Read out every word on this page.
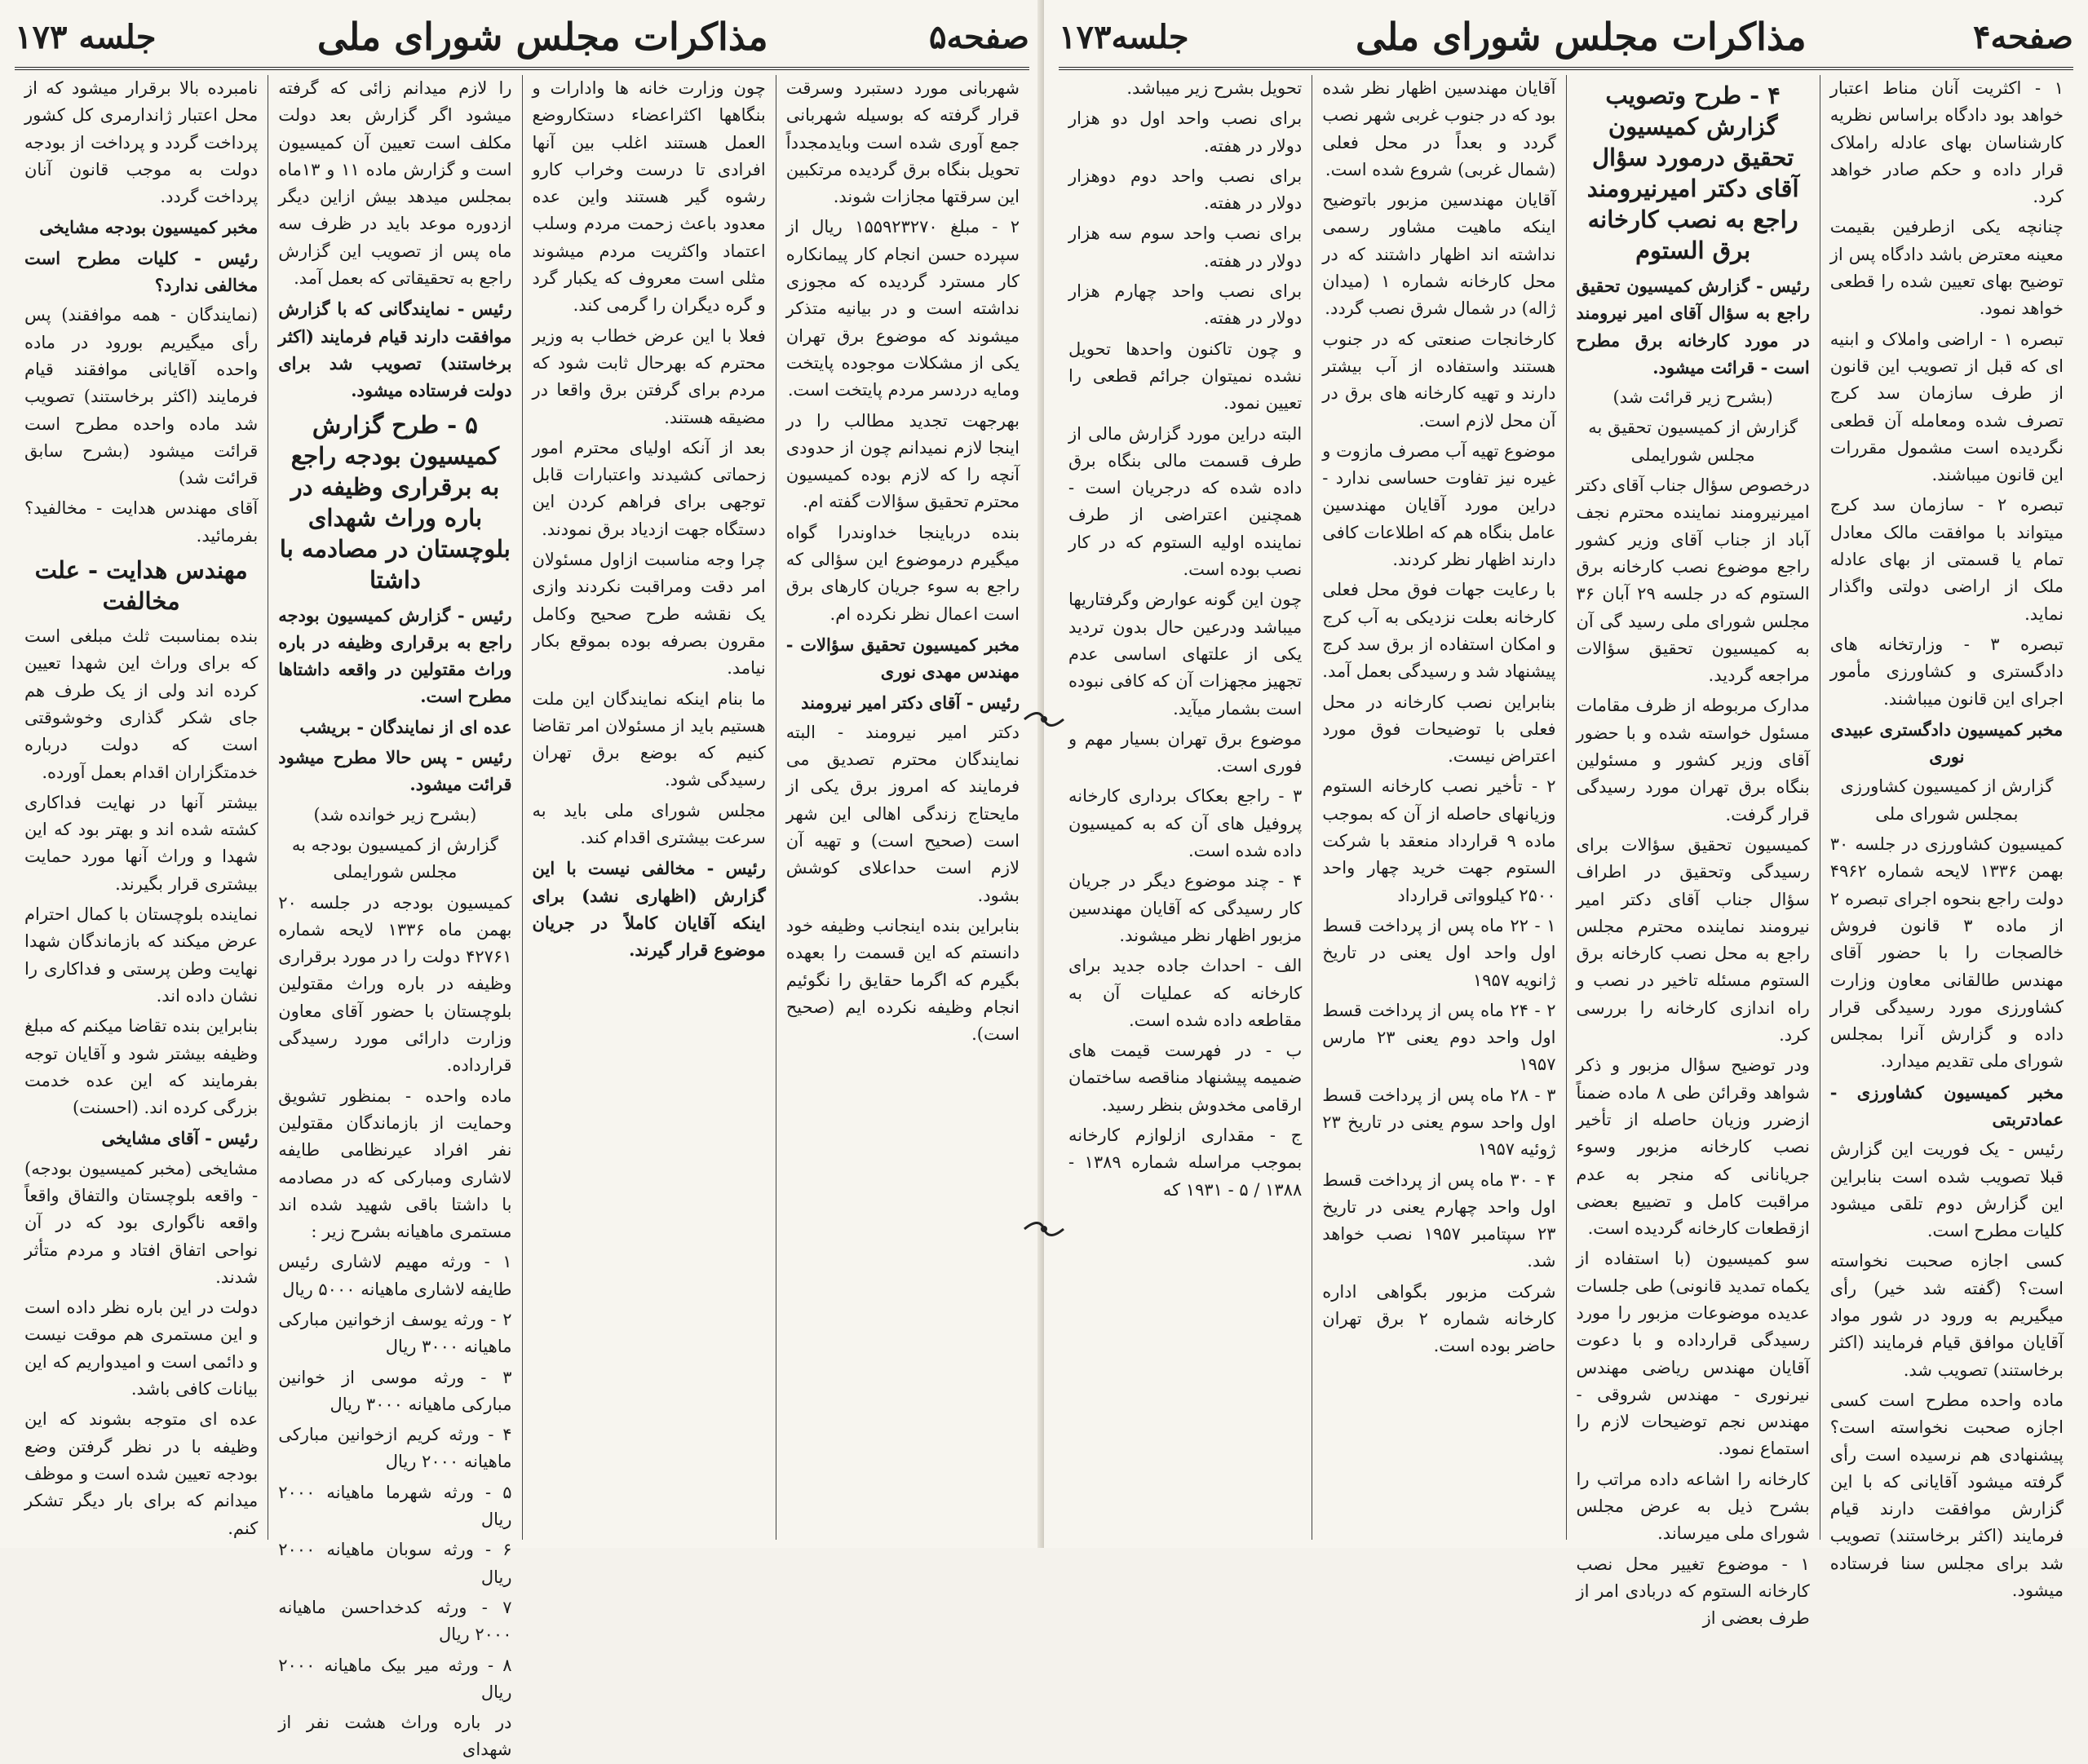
صفحه۵
مذاکرات مجلس شورای ملی
جلسه ۱۷۳

شهربانی مورد دستبرد وسرقت قرار گرفته که بوسیله شهربانی جمع آوری شده است وبایدمجدداً تحویل بنگاه برق گردیده مرتکبین این سرقتها مجازات شوند.

۲ - مبلغ ۱۵۵۹۲۳۲۷۰ ریال از سپرده حسن انجام کار پیمانکاره کار مسترد گردیده که مجوزی نداشته است و در بیانیه متذکر میشوند که موضوع برق تهران یکی از مشکلات موجوده پایتخت ومایه دردسر مردم پایتخت است.

بهرجهت تجدید مطالب را در اینجا لازم نمیدانم چون از حدودی آنچه را که لازم بوده کمیسیون محترم تحقیق سؤالات گفته ام.

بنده درباینجا خداوندرا گواه میگیرم درموضوع این سؤالی که راجع به سوء جریان کارهای برق است اعمال نظر نکرده ام.

مخبر کمیسیون تحقیق سؤالات - مهندس مهدی نوری

رئیس - آقای دکتر امیر نیرومند

دکتر امیر نیرومند - البته نمایندگان محترم تصدیق می فرمایند که امروز برق یکی از مایحتاج زندگی اهالی این شهر است (صحیح است) و تهیه آن لازم است حداعلای کوشش بشود.

بنابراین بنده اینجانب وظیفه خود دانستم که این قسمت را بعهده بگیرم که اگرما حقایق را نگوئیم انجام وظیفه نکرده ایم (صحیح است).

چون وزارت خانه ها وادارات و بنگاهها اکثراعضاء دستکاروضع العمل هستند اغلب بین آنها افرادی تا درست وخراب کارو رشوه گیر هستند واین عده معدود باعث زحمت مردم وسلب اعتماد واکثریت مردم میشوند مثلی است معروف که یکبار گرد و گره دیگران را گرمی کند.

فعلا با این عرض خطاب به وزیر محترم که بهرحال ثابت شود که مردم برای گرفتن برق واقعا در مضیقه هستند.

بعد از آنکه اولیای محترم امور زحماتی کشیدند واعتبارات قابل توجهی برای فراهم کردن این دستگاه جهت ازدیاد برق نمودند.

چرا وجه مناسبت ازاول مسئولان امر دقت ومراقبت نکردند وازی یک نقشه طرح صحیح وکامل مقرون بصرفه بوده بموقع بکار نیامد.

ما بنام اینکه نمایندگان این ملت هستیم باید از مسئولان امر تقاضا کنیم که بوضع برق تهران رسیدگی شود.

مجلس شورای ملی باید به سرعت بیشتری اقدام کند.

رئیس - مخالفی نیست با این گزارش (اظهاری نشد) برای اینکه آقایان کاملاً در جریان موضوع قرار گیرند.

را لازم میدانم زائی که گرفته میشود اگر گزارش بعد دولت مکلف است تعیین آن کمیسیون است و گزارش ماده ۱۱ و ۱۳ماه بمجلس میدهد بیش ازاین دیگر ازدوره موعد باید در ظرف سه ماه پس از تصویب این گزارش راجع به تحقیقاتی که بعمل آمد.

رئیس - نمایندگانی که با گزارش موافقت دارند قیام فرمایند (اکثر برخاستند) تصویب شد برای دولت فرستاده میشود.

۵ - طرح گزارش کمیسیون بودجه راجع به برقراری وظیفه در باره وراث شهدای بلوچستان در مصادمه با داشتا

رئیس - گزارش کمیسیون بودجه راجع به برقراری وظیفه در باره وراث مقتولین در واقعه داشتاها مطرح است.

عده ای از نمایندگان - بریشب

رئیس - پس حالا مطرح میشود قرائت میشود.

(بشرح زیر خوانده شد)

گزارش از کمیسیون بودجه به مجلس شورایملی

کمیسیون بودجه در جلسه ۲۰ بهمن ماه ۱۳۳۶ لایحه شماره ۴۲۷۶۱ دولت را در مورد برقراری وظیفه در باره وراث مقتولین بلوچستان با حضور آقای معاون وزارت دارائی مورد رسیدگی قرارداده.

ماده واحده - بمنظور تشویق وحمایت از بازماندگان مقتولین نفر افراد عیرنظامی طایفه لاشاری ومبارکی که در مصادمه با داشتا باقی شهید شده اند مستمری ماهیانه بشرح زیر :

۱ - ورثه مهیم لاشاری رئیس طایفه لاشاری ماهیانه ۵۰۰۰ ریال

۲ - ورثه یوسف ازخوانین مبارکی ماهیانه ۳۰۰۰ ریال

۳ - ورثه موسی از خوانین مبارکی ماهیانه ۳۰۰۰ ریال

۴ - ورثه کریم ازخوانین مبارکی ماهیانه ۲۰۰۰ ریال

۵ - ورثه شهرما ماهیانه ۲۰۰۰ ریال

۶ - ورثه سوبان ماهیانه ۲۰۰۰ ریال

۷ - ورثه کدخداحسن ماهیانه ۲۰۰۰ ریال

۸ - ورثه میر بیک ماهیانه ۲۰۰۰ ریال

در باره وراث هشت نفر از شهدای

نامبرده بالا برقرار میشود که از محل اعتبار ژاندارمری کل کشور پرداخت گردد و پرداخت از بودجه دولت به موجب قانون آنان پرداخت گردد.

مخبر کمیسیون بودجه مشایخی

رئیس - کلیات مطرح است مخالفی ندارد؟

(نمایندگان - همه موافقند) پس رأی میگیریم بورود در ماده واحده آقایانی موافقند قیام فرمایند (اکثر برخاستند) تصویب شد ماده واحده مطرح است قرائت میشود (بشرح سابق قرائت شد)

آقای مهندس هدایت - مخالفید؟ بفرمائید.

مهندس هدایت - علت مخالفت

بنده بمناسبت ثلث مبلغی است که برای وراث این شهدا تعیین کرده اند ولی از یک طرف هم جای شکر گذاری وخوشوقتی است که دولت درباره خدمتگزاران اقدام بعمل آورده.

بیشتر آنها در نهایت فداکاری کشته شده اند و بهتر بود که این شهدا و وراث آنها مورد حمایت بیشتری قرار بگیرند.

نماینده بلوچستان با کمال احترام عرض میکند که بازماندگان شهدا نهایت وطن پرستی و فداکاری را نشان داده اند.

بنابراین بنده تقاضا میکنم که مبلغ وظیفه بیشتر شود و آقایان توجه بفرمایند که این عده خدمت بزرگی کرده اند. (احسنت)

رئیس - آقای مشایخی

مشایخی (مخبر کمیسیون بودجه) - واقعه بلوچستان والتفاق واقعاً واقعه ناگواری بود که در آن نواحی اتفاق افتاد و مردم متأثر شدند.

دولت در این باره نظر داده است و این مستمری هم موقت نیست و دائمی است و امیدواریم که این بیانات کافی باشد.

عده ای متوجه بشوند که این وظیفه با در نظر گرفتن وضع بودجه تعیین شده است و موظف میدانم که برای بار دیگر تشکر کنم.

صفحه۴
مذاکرات مجلس شورای ملی
جلسه۱۷۳

۱ - اکثریت آنان مناط اعتبار خواهد بود دادگاه براساس نظریه کارشناسان بهای عادله راملاک قرار داده و حکم صادر خواهد کرد.

چنانچه یکی ازطرفین بقیمت معینه معترض باشد دادگاه پس از توضیح بهای تعیین شده را قطعی خواهد نمود.

تبصره ۱ - اراضی واملاک و ابنیه ای که قبل از تصویب این قانون از طرف سازمان سد کرج تصرف شده ومعامله آن قطعی نگردیده است مشمول مقررات این قانون میباشند.

تبصره ۲ - سازمان سد کرج میتواند با موافقت مالک معادل تمام یا قسمتی از بهای عادله ملک از اراضی دولتی واگذار نماید.

تبصره ۳ - وزارتخانه های دادگستری و کشاورزی مأمور اجرای این قانون میباشند.

مخبر کمیسیون دادگستری عبیدی نوری

گزارش از کمیسیون کشاورزی بمجلس شورای ملی

کمیسیون کشاورزی در جلسه ۳۰ بهمن ۱۳۳۶ لایحه شماره ۴۹۶۲ دولت راجع بنحوه اجرای تبصره ۲ از ماده ۳ قانون فروش خالصجات را با حضور آقای مهندس طالقانی معاون وزارت کشاورزی مورد رسیدگی قرار داده و گزارش آنرا بمجلس شورای ملی تقدیم میدارد.

مخبر کمیسیون کشاورزی - عمادتربتی

رئیس - یک فوریت این گزارش قبلا تصویب شده است بنابراین این گزارش دوم تلقی میشود کلیات مطرح است.

کسی اجازه صحبت نخواسته است؟ (گفته شد خیر) رأی میگیریم به ورود در شور مواد آقایان موافق قیام فرمایند (اکثر برخاستند) تصویب شد.

ماده واحده مطرح است کسی اجازه صحبت نخواسته است؟ پیشنهادی هم نرسیده است رأی گرفته میشود آقایانی که با این گزارش موافقت دارند قیام فرمایند (اکثر برخاستند) تصویب شد برای مجلس سنا فرستاده میشود.

۴ - طرح وتصویب گزارش کمیسیون تحقیق درمورد سؤال آقای دکتر امیرنیرومند راجع به نصب کارخانه برق الستوم

رئیس - گزارش کمیسیون تحقیق راجع به سؤال آقای امیر نیرومند در مورد کارخانه برق مطرح است - قرائت میشود.

(بشرح زیر قرائت شد)

گزارش از کمیسیون تحقیق به مجلس شورایملی

درخصوص سؤال جناب آقای دکتر امیرنیرومند نماینده محترم نجف آباد از جناب آقای وزیر کشور راجع موضوع نصب کارخانه برق الستوم که در جلسه ۲۹ آبان ۳۶ مجلس شورای ملی رسید گی آن به کمیسیون تحقیق سؤالات مراجعه گردید.

مدارک مربوطه از ظرف مقامات مسئول خواسته شده و با حضور آقای وزیر کشور و مسئولین بنگاه برق تهران مورد رسیدگی قرار گرفت.

کمیسیون تحقیق سؤالات برای رسیدگی وتحقیق در اطراف سؤال جناب آقای دکتر امیر نیرومند نماینده محترم مجلس راجع به محل نصب کارخانه برق الستوم مسئله تاخیر در نصب و راه اندازی کارخانه را بررسی کرد.

ودر توضیح سؤال مزبور و ذکر شواهد وقرائن طی ۸ ماده ضمناً ازضرر وزیان حاصله از تأخیر نصب کارخانه مزبور وسوء جریانانی که منجر به عدم مراقبت کامل و تضییع بعضی ازقطعات کارخانه گردیده است.

سو کمیسیون (با استفاده از یکماه تمدید قانونی) طی جلسات عدیده موضوعات مزبور را مورد رسیدگی قرارداده و با دعوت آقایان مهندس ریاضی مهندس نیرنوری - مهندس شروقی - مهندس نجم توضیحات لازم را استماع نمود.

کارخانه را اشاعه داده مراتب را بشرح ذیل به عرض مجلس شورای ملی میرساند.

۱ - موضوع تغییر محل نصب کارخانه الستوم که دربادی امر از طرف بعضی از

آقایان مهندسین اظهار نظر شده بود که در جنوب غربی شهر نصب گردد و بعداً در محل فعلی (شمال غربی) شروع شده است.

آقایان مهندسین مزبور باتوضیح اینکه ماهیت مشاور رسمی نداشته اند اظهار داشتند که در محل کارخانه شماره ۱ (میدان ژاله) در شمال شرق نصب گردد.

کارخانجات صنعتی که در جنوب هستند واستفاده از آب بیشتر دارند و تهیه کارخانه های برق در آن محل لازم است.

موضوع تهیه آب مصرف مازوت و غیره نیز تفاوت حساسی ندارد - دراین مورد آقایان مهندسین عامل بنگاه هم که اطلاعات کافی دارند اظهار نظر کردند.

با رعایت جهات فوق محل فعلی کارخانه بعلت نزدیکی به آب کرج و امکان استفاده از برق سد کرج پیشنهاد شد و رسیدگی بعمل آمد.

بنابراین نصب کارخانه در محل فعلی با توضیحات فوق مورد اعتراض نیست.

۲ - تأخیر نصب کارخانه الستوم وزیانهای حاصله از آن که بموجب ماده ۹ قرارداد منعقد با شرکت الستوم جهت خرید چهار واحد ۲۵۰۰ کیلوواتی قرارداد

۱ - ۲۲ ماه پس از پرداخت قسط اول واحد اول یعنی در تاریخ ژانویه ۱۹۵۷

۲ - ۲۴ ماه پس از پرداخت قسط اول واحد دوم یعنی ۲۳ مارس ۱۹۵۷

۳ - ۲۸ ماه پس از پرداخت قسط اول واحد سوم یعنی در تاریخ ۲۳ ژوئیه ۱۹۵۷

۴ - ۳۰ ماه پس از پرداخت قسط اول واحد چهارم یعنی در تاریخ ۲۳ سپتامبر ۱۹۵۷ نصب خواهد شد.

شرکت مزبور بگواهی اداره کارخانه شماره ۲ برق تهران حاضر بوده است.

تحویل بشرح زیر میباشد.

برای نصب واحد اول دو هزار دولار در هفته.

برای نصب واحد دوم دوهزار دولار در هفته.

برای نصب واحد سوم سه هزار دولار در هفته.

برای نصب واحد چهارم هزار دولار در هفته.

و چون تاکنون واحدها تحویل نشده نمیتوان جرائم قطعی را تعیین نمود.

البته دراین مورد گزارش مالی از طرف قسمت مالی بنگاه برق داده شده که درجریان است - همچنین اعتراضی از طرف نماینده اولیه الستوم که در کار نصب بوده است.

چون این گونه عوارض وگرفتاریها میباشد ودرعین حال بدون تردید یکی از علتهای اساسی عدم تجهیز مجهزات آن که کافی نبوده است بشمار میآید.

موضوع برق تهران بسیار مهم و فوری است.

۳ - راجع بعکاک برداری کارخانه پروفیل های آن که به کمیسیون داده شده است.

۴ - چند موضوع دیگر در جریان کار رسیدگی که آقایان مهندسین مزبور اظهار نظر میشوند.

الف - احداث جاده جدید برای کارخانه که عملیات آن به مقاطعه داده شده است.

ب - در فهرست قیمت های ضمیمه پیشنهاد مناقصه ساختمان ارقامی مخدوش بنظر رسید.

ج - مقداری ازلوازم کارخانه بموجب مراسله شماره ۱۳۸۹ - ۱۳۸۸ / ۵ - ۱۹۳۱ که
